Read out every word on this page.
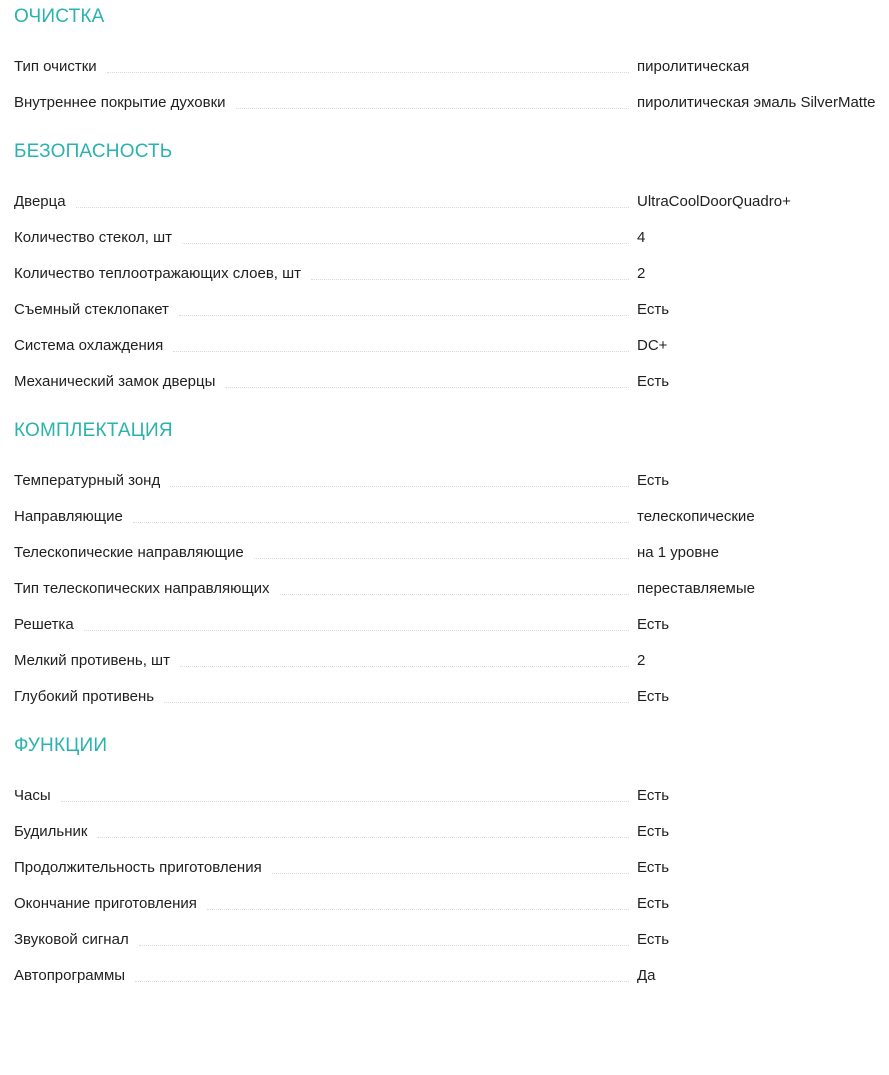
ОЧИСТКА
Тип очистки	пиролитическая
Внутреннее покрытие духовки	пиролитическая эмаль SilverMatte
БЕЗОПАСНОСТЬ
Дверца	UltraCoolDoorQuadro+
Количество стекол, шт	4
Количество теплоотражающих слоев, шт	2
Съемный стеклопакет	Есть
Система охлаждения	DC+
Механический замок дверцы	Есть
КОМПЛЕКТАЦИЯ
Температурный зонд	Есть
Направляющие	телескопические
Телескопические направляющие	на 1 уровне
Тип телескопических направляющих	переставляемые
Решетка	Есть
Мелкий противень, шт	2
Глубокий противень	Есть
ФУНКЦИИ
Часы	Есть
Будильник	Есть
Продолжительность приготовления	Есть
Окончание приготовления	Есть
Звуковой сигнал	Есть
Автопрограммы	Да
